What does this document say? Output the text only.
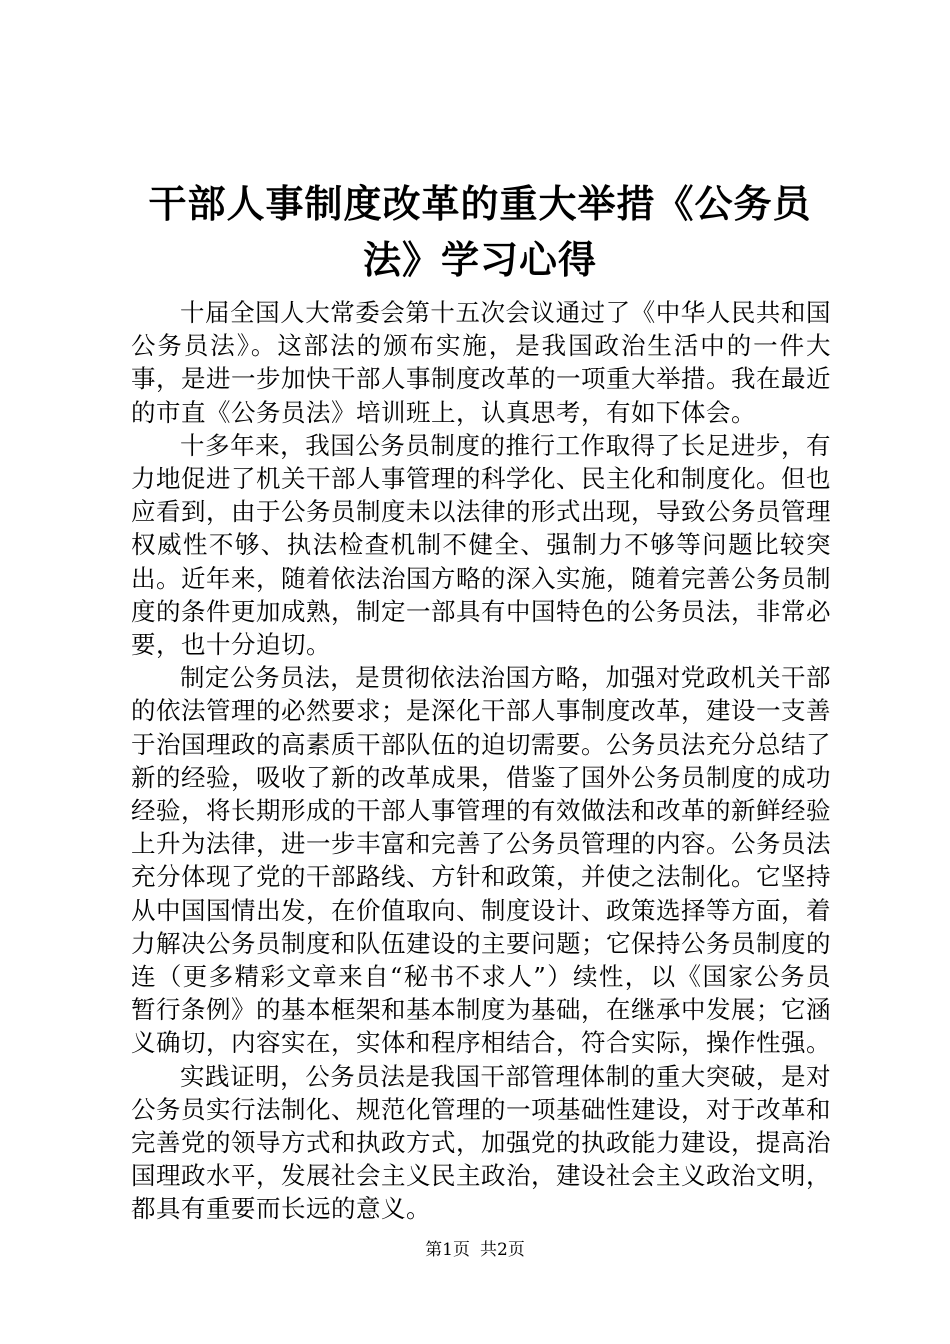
干部人事制度改革的重大举措《公务员法》学习心得

十届全国人大常委会第十五次会议通过了《中华人民共和国公务员法》。这部法的颁布实施，是我国政治生活中的一件大事，是进一步加快干部人事制度改革的一项重大举措。我在最近的市直《公务员法》培训班上，认真思考，有如下体会。

十多年来，我国公务员制度的推行工作取得了长足进步，有力地促进了机关干部人事管理的科学化、民主化和制度化。但也应看到，由于公务员制度未以法律的形式出现，导致公务员管理权威性不够、执法检查机制不健全、强制力不够等问题比较突出。近年来，随着依法治国方略的深入实施，随着完善公务员制度的条件更加成熟，制定一部具有中国特色的公务员法，非常必要，也十分迫切。

制定公务员法，是贯彻依法治国方略，加强对党政机关干部的依法管理的必然要求；是深化干部人事制度改革，建设一支善于治国理政的高素质干部队伍的迫切需要。公务员法充分总结了新的经验，吸收了新的改革成果，借鉴了国外公务员制度的成功经验，将长期形成的干部人事管理的有效做法和改革的新鲜经验上升为法律，进一步丰富和完善了公务员管理的内容。公务员法充分体现了党的干部路线、方针和政策，并使之法制化。它坚持从中国国情出发，在价值取向、制度设计、政策选择等方面，着力解决公务员制度和队伍建设的主要问题；它保持公务员制度的连（更多精彩文章来自“秘书不求人”）续性，以《国家公务员暂行条例》的基本框架和基本制度为基础，在继承中发展；它涵义确切，内容实在，实体和程序相结合，符合实际，操作性强。

实践证明，公务员法是我国干部管理体制的重大突破，是对公务员实行法制化、规范化管理的一项基础性建设，对于改革和完善党的领导方式和执政方式，加强党的执政能力建设，提高治国理政水平，发展社会主义民主政治，建设社会主义政治文明，都具有重要而长远的意义。

第1页 共2页
